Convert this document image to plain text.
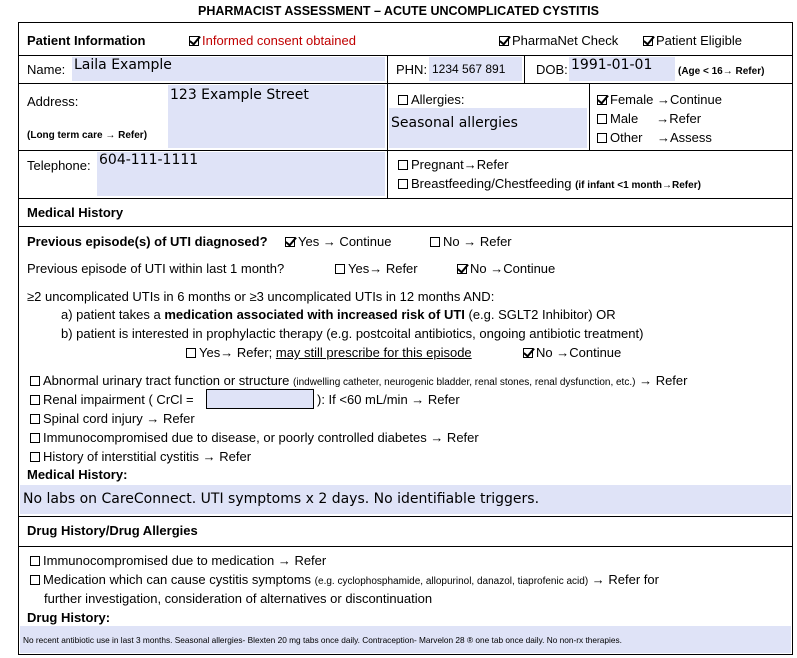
PHARMACIST ASSESSMENT – ACUTE UNCOMPLICATED CYSTITIS
Patient Information	Informed consent obtained	PharmaNet Check	Patient Eligible
Name: Laila Example	PHN: 1234 567 891 DOB: 1991-01-01	(Age < 16→ Refer)
Address:	123 Example Street
(Long term care → Refer)
Allergies:
Seasonal allergies
Female →Continue
Male     →Refer
Other    →Assess
Telephone: 604-111-1111	Pregnant→Refer
Breastfeeding/Chestfeeding (if infant <1 month→Refer)
Medical History
Previous episode(s) of UTI diagnosed?	Yes → Continue	No → Refer
Previous episode of UTI within last 1 month?	Yes→ Refer	No →Continue
≥2 uncomplicated UTIs in 6 months or ≥3 uncomplicated UTIs in 12 months AND:
a) patient takes a medication associated with increased risk of UTI (e.g. SGLT2 Inhibitor) OR
b) patient is interested in prophylactic therapy (e.g. postcoital antibiotics, ongoing antibiotic treatment)
Yes→ Refer; may still prescribe for this episode	No →Continue
Abnormal urinary tract function or structure (indwelling catheter, neurogenic bladder, renal stones, renal dysfunction, etc.) → Refer
Renal impairment ( CrCl =	): If <60 mL/min → Refer
Spinal cord injury → Refer
Immunocompromised due to disease, or poorly controlled diabetes → Refer
History of interstitial cystitis → Refer
Medical History:
No labs on CareConnect. UTI symptoms x 2 days. No identifiable triggers.
Drug History/Drug Allergies
Immunocompromised due to medication → Refer
Medication which can cause cystitis symptoms (e.g. cyclophosphamide, allopurinol, danazol, tiaprofenic acid) → Refer for
further investigation, consideration of alternatives or discontinuation
Drug History:
No recent antibiotic use in last 3 months. Seasonal allergies- Blexten 20 mg tabs once daily. Contraception- Marvelon 28 ® one tab once daily. No non-rx therapies.
